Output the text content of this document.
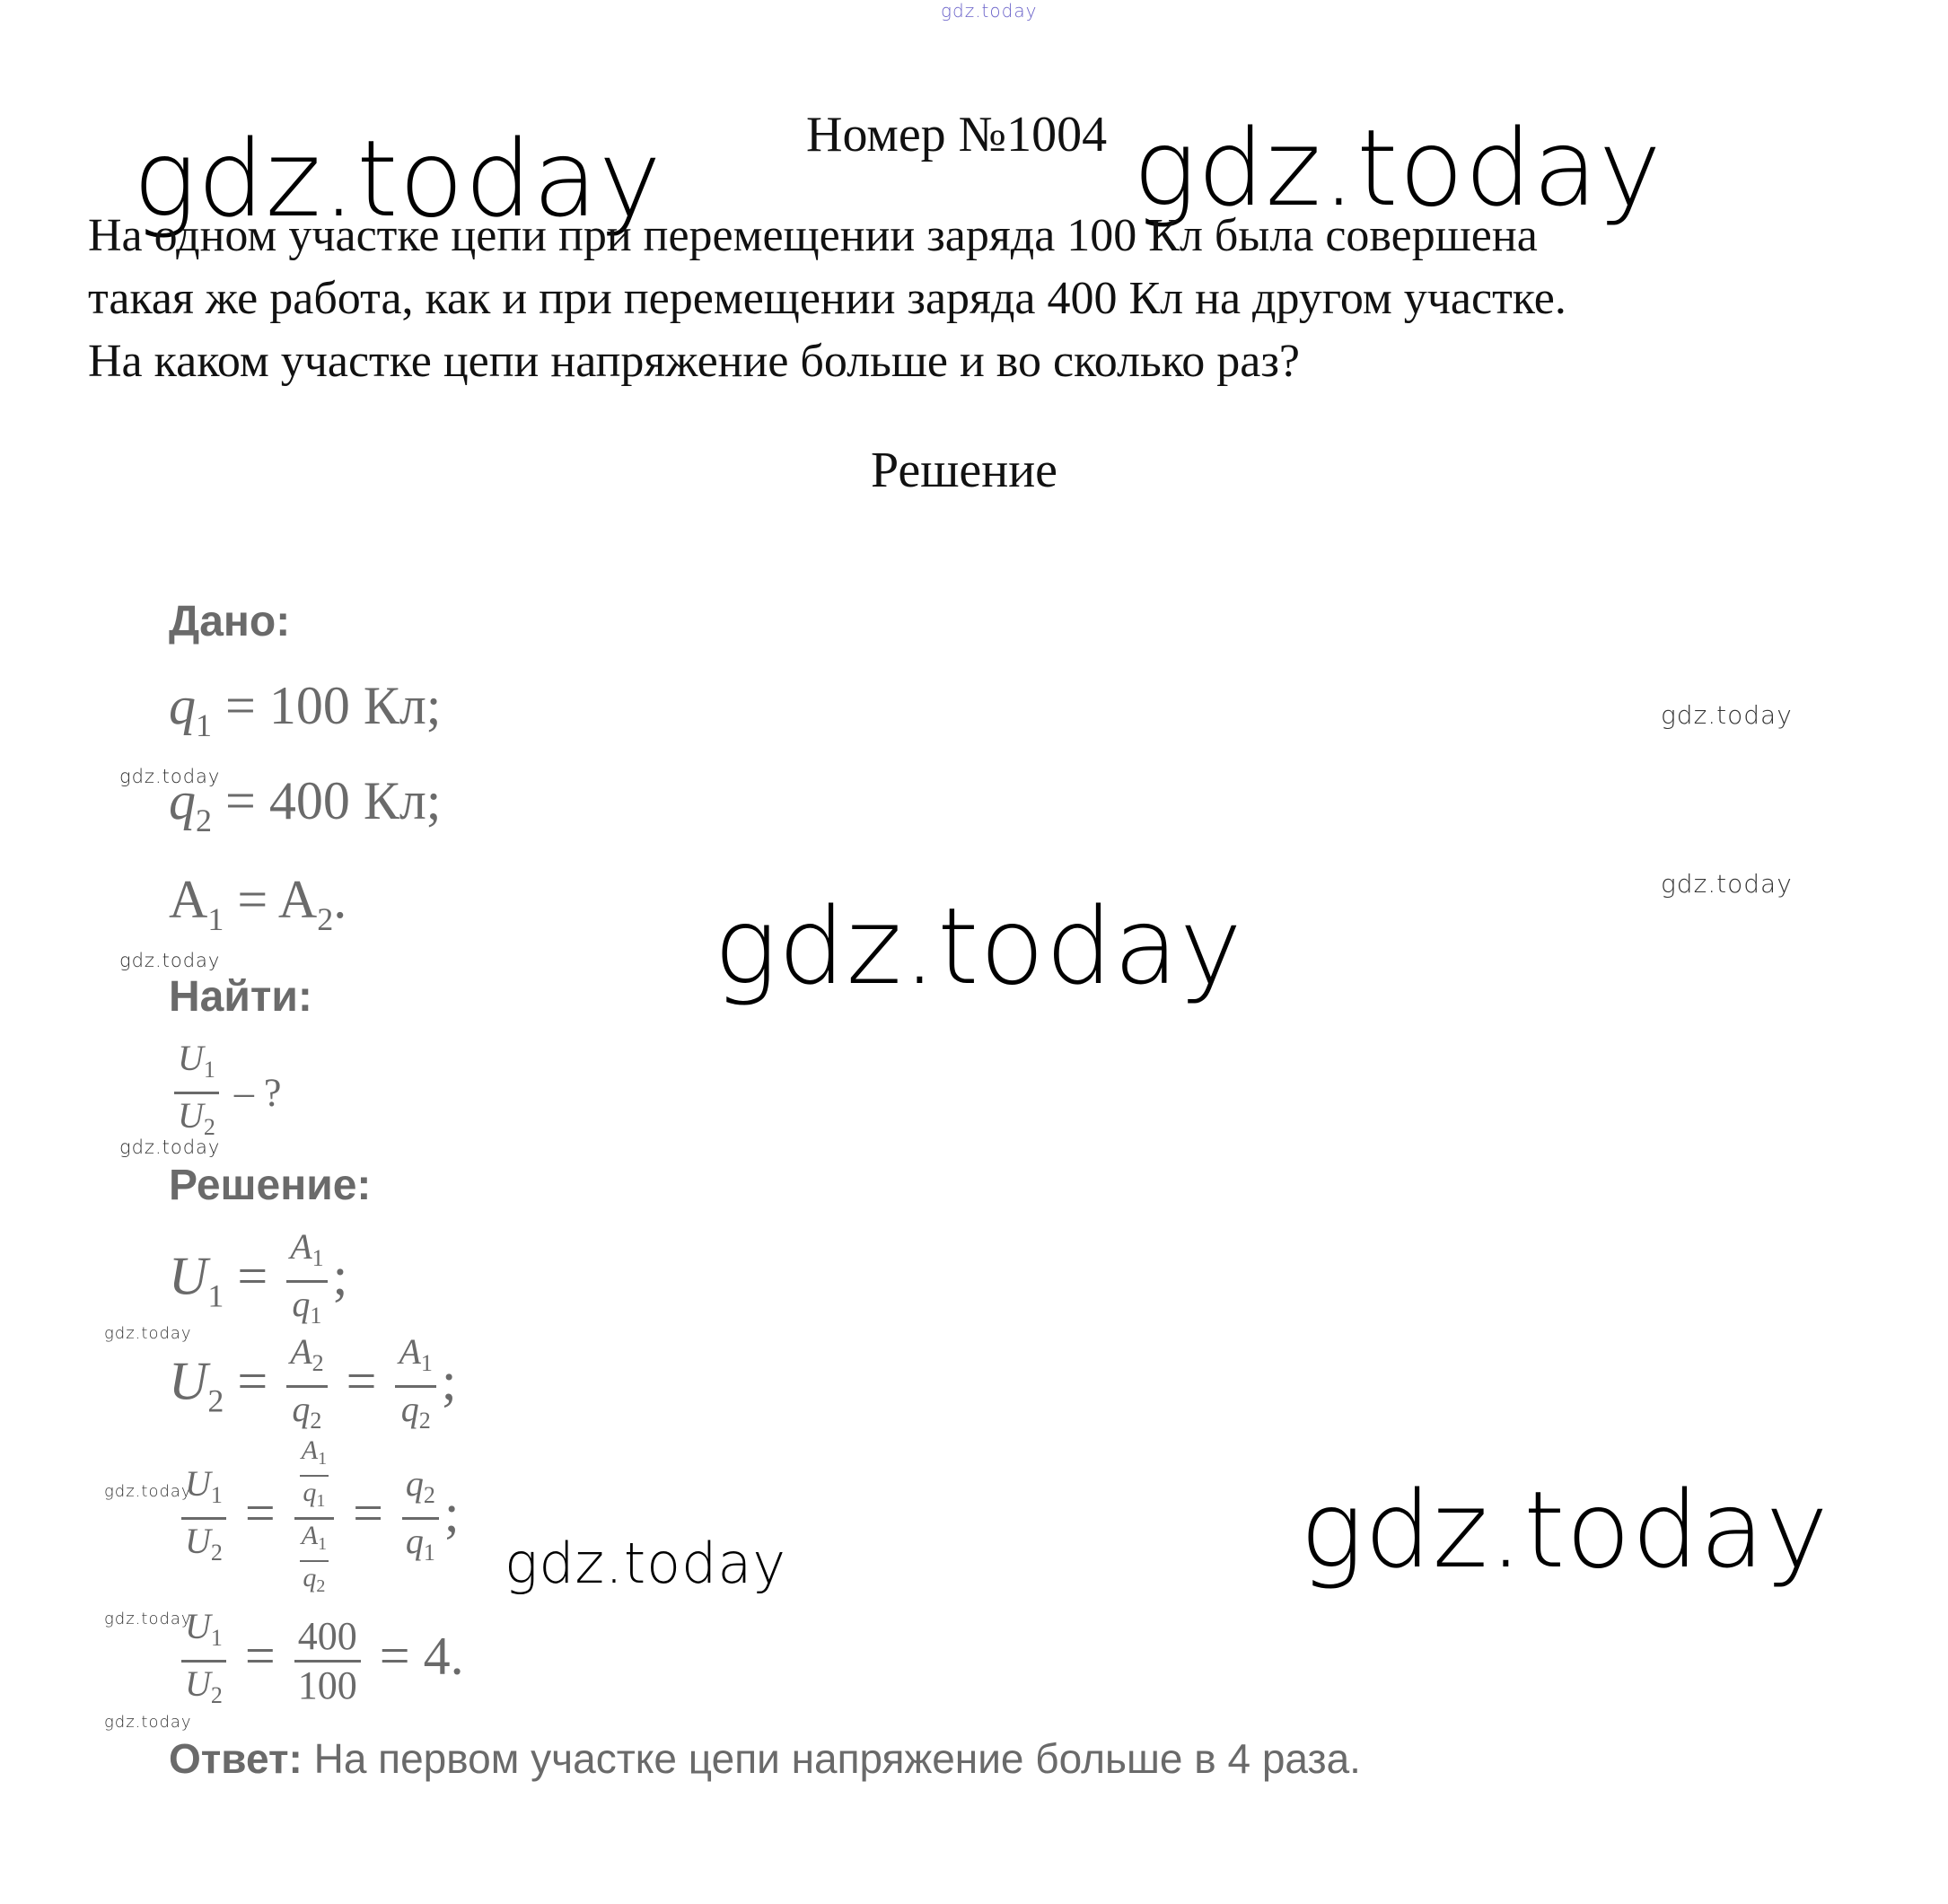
gdz.today
gdz.today	gdz.today
gdz.today
gdz.today
gdz.today
gdz.today
gdz.today
gdz.today
gdz.today
gdz.today
gdz.today
gdz.today
gdz.today
gdz.today
Номер №1004
На одном участке цепи при перемещении заряда 100 Кл была совершена
такая же работа, как и при перемещении заряда 400 Кл на другом участке.
На каком участке цепи напряжение больше и во сколько раз?
Решение
Дано:
$q_1 = 100$ Кл;
$q_2 = 400$ Кл;
$A_1 = A_2$.
Найти:
$\frac{U_1}{U_2}$ – ?
Решение:
$U_1 = \frac{A_1}{q_1}$ ;
$U_2 = \frac{A_2}{q_2} = \frac{A_1}{q_2}$ ;
$\frac{U_1}{U_2} = \frac{\frac{A_1}{q_1}}{\frac{A_1}{q_2}} = \frac{q_2}{q_1}$ ;
$\frac{U_1}{U_2} = \frac{400}{100} = 4$.
Ответ: На первом участке цепи напряжение больше в 4 раза.
